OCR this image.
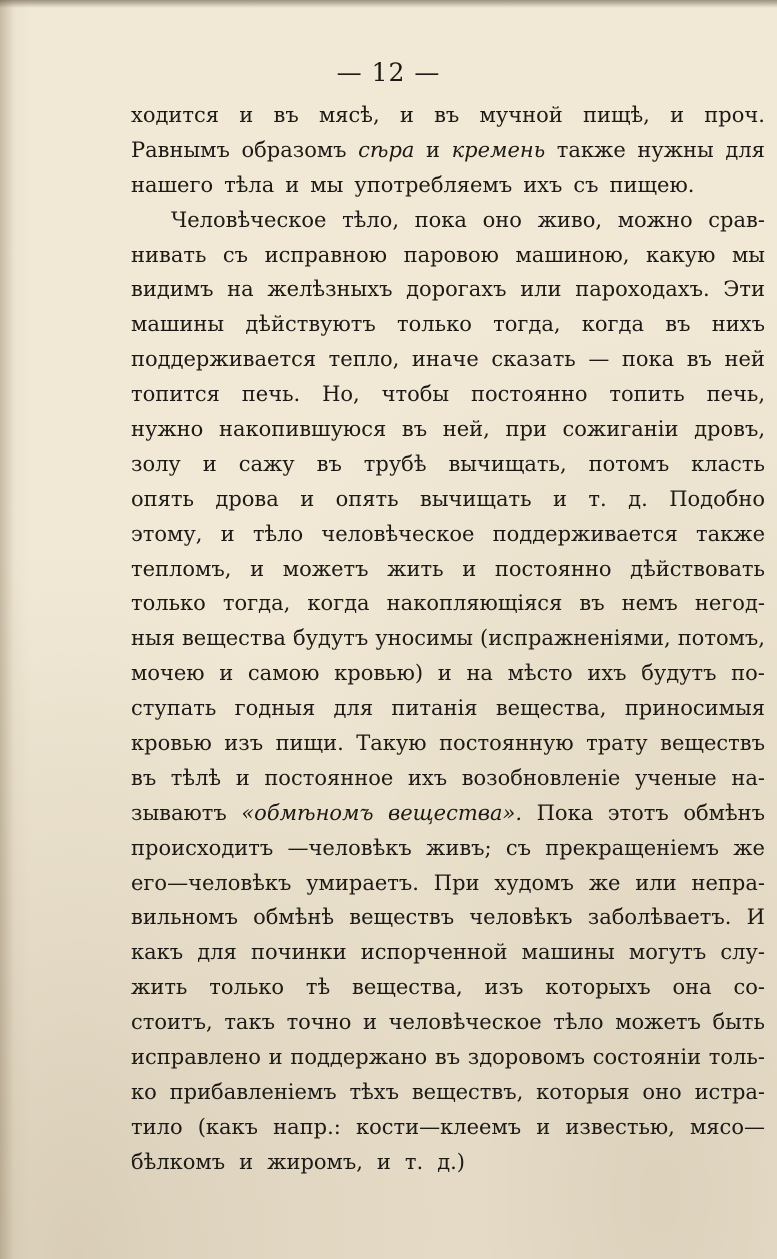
— 12 —
ходится и въ мясѣ, и въ мучной пищѣ, и проч.
Равнымъ образомъ сѣра и кремень также нужны для
нашего тѣла и мы употребляемъ ихъ съ пищею.
Человѣческое тѣло, пока оно живо, можно срав-
нивать съ исправною паровою машиною, какую мы
видимъ на желѣзныхъ дорогахъ или пароходахъ. Эти
машины дѣйствуютъ только тогда, когда въ нихъ
поддерживается тепло, иначе сказать — пока въ ней
топится печь. Но, чтобы постоянно топить печь,
нужно накопившуюся въ ней, при сожиганіи дровъ,
золу и сажу въ трубѣ вычищать, потомъ класть
опять дрова и опять вычищать и т. д. Подобно
этому, и тѣло человѣческое поддерживается также
тепломъ, и можетъ жить и постоянно дѣйствовать
только тогда, когда накопляющіяся въ немъ негод-
ныя вещества будутъ уносимы (испражненіями, потомъ,
мочею и самою кровью) и на мѣсто ихъ будутъ по-
ступать годныя для питанія вещества, приносимыя
кровью изъ пищи. Такую постоянную трату веществъ
въ тѣлѣ и постоянное ихъ возобновленіе ученые на-
зываютъ «обмѣномъ вещества». Пока этотъ обмѣнъ
происходитъ —человѣкъ живъ; съ прекращеніемъ же
его—человѣкъ умираетъ. При худомъ же или непра-
вильномъ обмѣнѣ веществъ человѣкъ заболѣваетъ. И
какъ для починки испорченной машины могутъ слу-
жить только тѣ вещества, изъ которыхъ она со-
стоитъ, такъ точно и человѣческое тѣло можетъ быть
исправлено и поддержано въ здоровомъ состояніи толь-
ко прибавленіемъ тѣхъ веществъ, которыя оно истра-
тило (какъ напр.: кости—клеемъ и известью, мясо—
бѣлкомъ и жиромъ, и т. д.)
